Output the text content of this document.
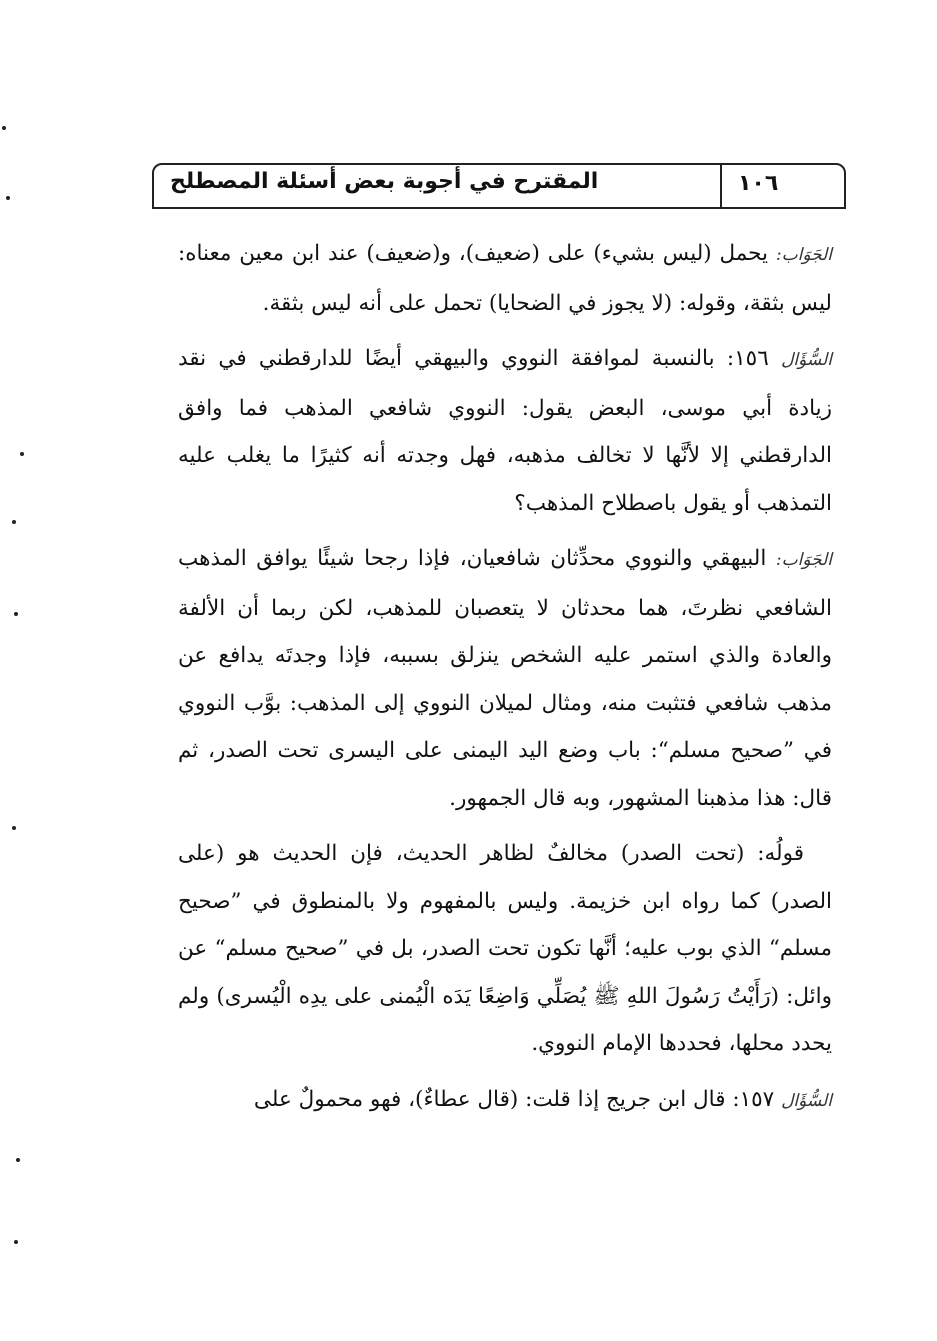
المقترح في أجوبة بعض أسئلة المصطلح	١٠٦

الجَوَاب: يحمل (ليس بشيء) على (ضعيف)، و(ضعيف) عند ابن معين معناه: ليس بثقة، وقوله: (لا يجوز في الضحايا) تحمل على أنه ليس بثقة.

السُّؤَال ١٥٦: بالنسبة لموافقة النووي والبيهقي أيضًا للدارقطني في نقد زيادة أبي موسى، البعض يقول: النووي شافعي المذهب فما وافق الدارقطني إلا لأنَّها لا تخالف مذهبه، فهل وجدته أنه كثيرًا ما يغلب عليه التمذهب أو يقول باصطلاح المذهب؟

الجَوَاب: البيهقي والنووي محدِّثان شافعيان، فإذا رجحا شيئًا يوافق المذهب الشافعي نظرتَ، هما محدثان لا يتعصبان للمذهب، لكن ربما أن الألفة والعادة والذي استمر عليه الشخص ينزلق بسببه، فإذا وجدتَه يدافع عن مذهب شافعي فتثبت منه، ومثال لميلان النووي إلى المذهب: بوَّب النووي في ”صحيح مسلم“: باب وضع اليد اليمنى على اليسرى تحت الصدر، ثم قال: هذا مذهبنا المشهور، وبه قال الجمهور.

قولُه: (تحت الصدر) مخالفٌ لظاهر الحديث، فإن الحديث هو (على الصدر) كما رواه ابن خزيمة. وليس بالمفهوم ولا بالمنطوق في ”صحيح مسلم“ الذي بوب عليه؛ أنَّها تكون تحت الصدر، بل في ”صحيح مسلم“ عن وائل: (رَأَيْتُ رَسُولَ اللهِ ﷺ يُصَلِّي وَاضِعًا يَدَه الْيُمنى على يدِه الْيُسرى) ولم يحدد محلها، فحددها الإمام النووي.

السُّؤَال ١٥٧: قال ابن جريج إذا قلت: (قال عطاءٌ)، فهو محمولٌ على
